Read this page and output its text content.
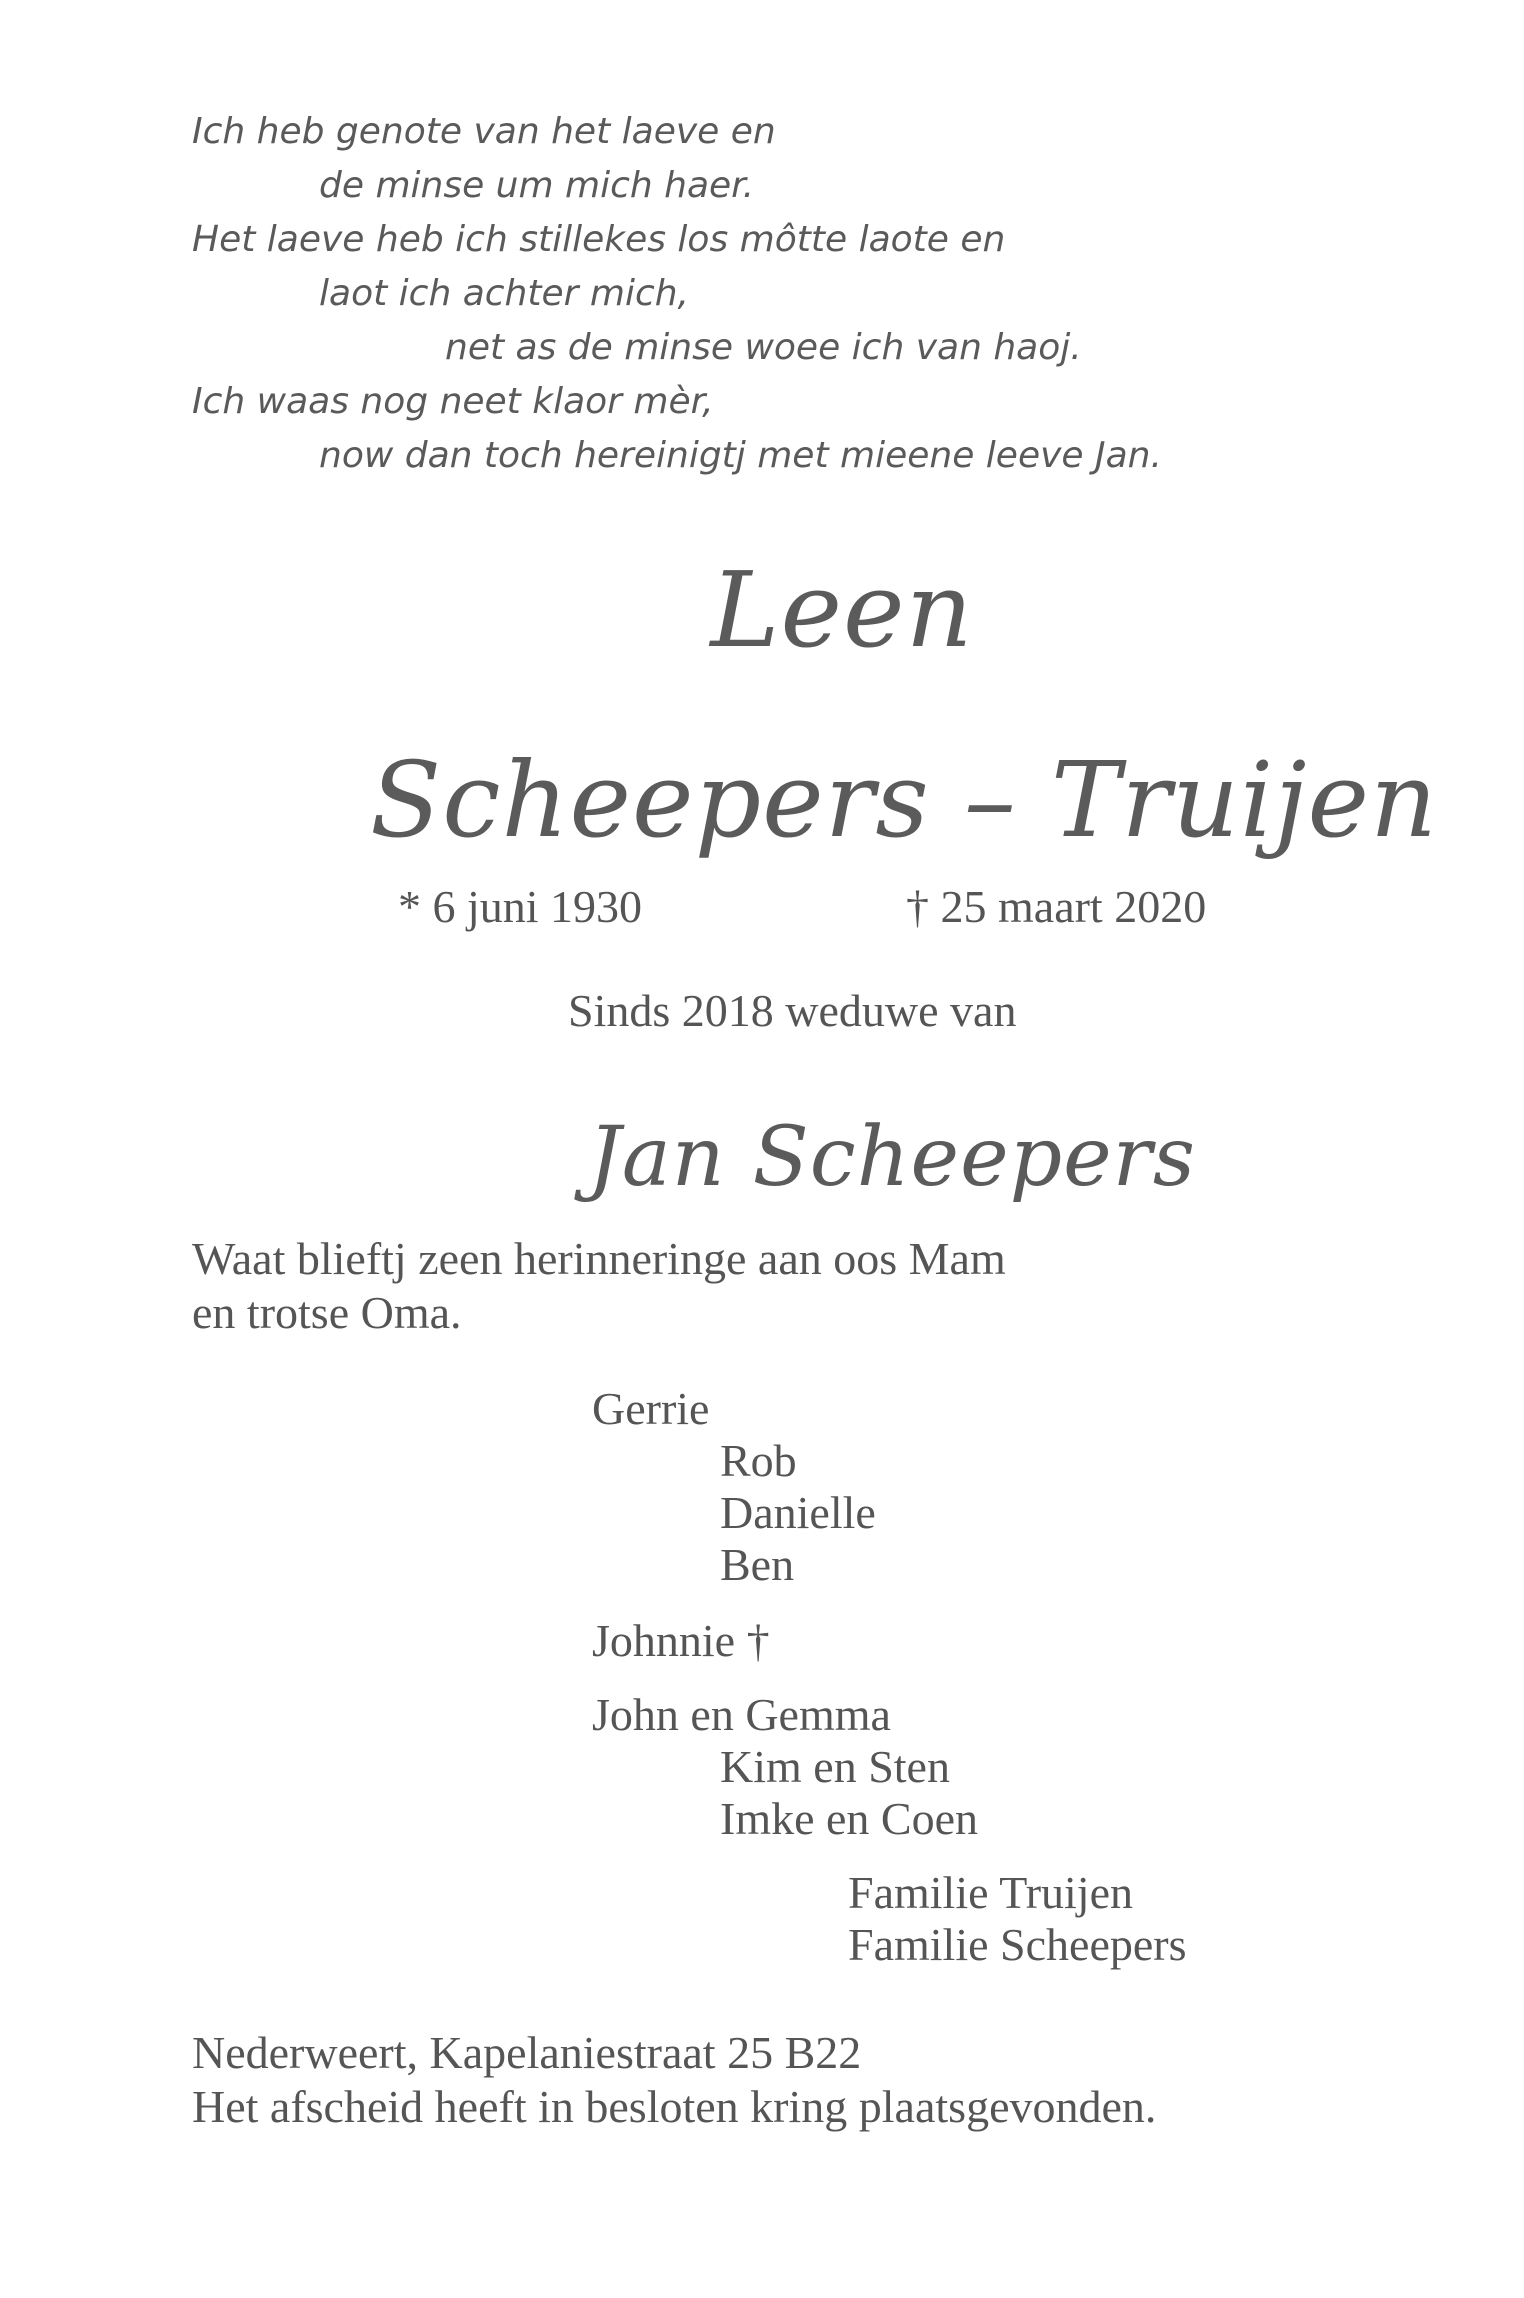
Ich heb genote van het laeve en
de minse um mich haer.
Het laeve heb ich stillekes los môtte laote en
laot ich achter mich,
net as de minse woee ich van haoj.
Ich waas nog neet klaor mèr,
now dan toch hereinigtj met mieene leeve Jan.
Leen
Scheepers – Truijen
* 6 juni 1930	† 25 maart 2020
Sinds 2018 weduwe van
Jan Scheepers
Waat blieftj zeen herinneringe aan oos Mam
en trotse Oma.
Gerrie
Rob
Danielle
Ben
Johnnie †
John en Gemma
Kim en Sten
Imke en Coen
Familie Truijen
Familie Scheepers
Nederweert, Kapelaniestraat 25 B22
Het afscheid heeft in besloten kring plaatsgevonden.
